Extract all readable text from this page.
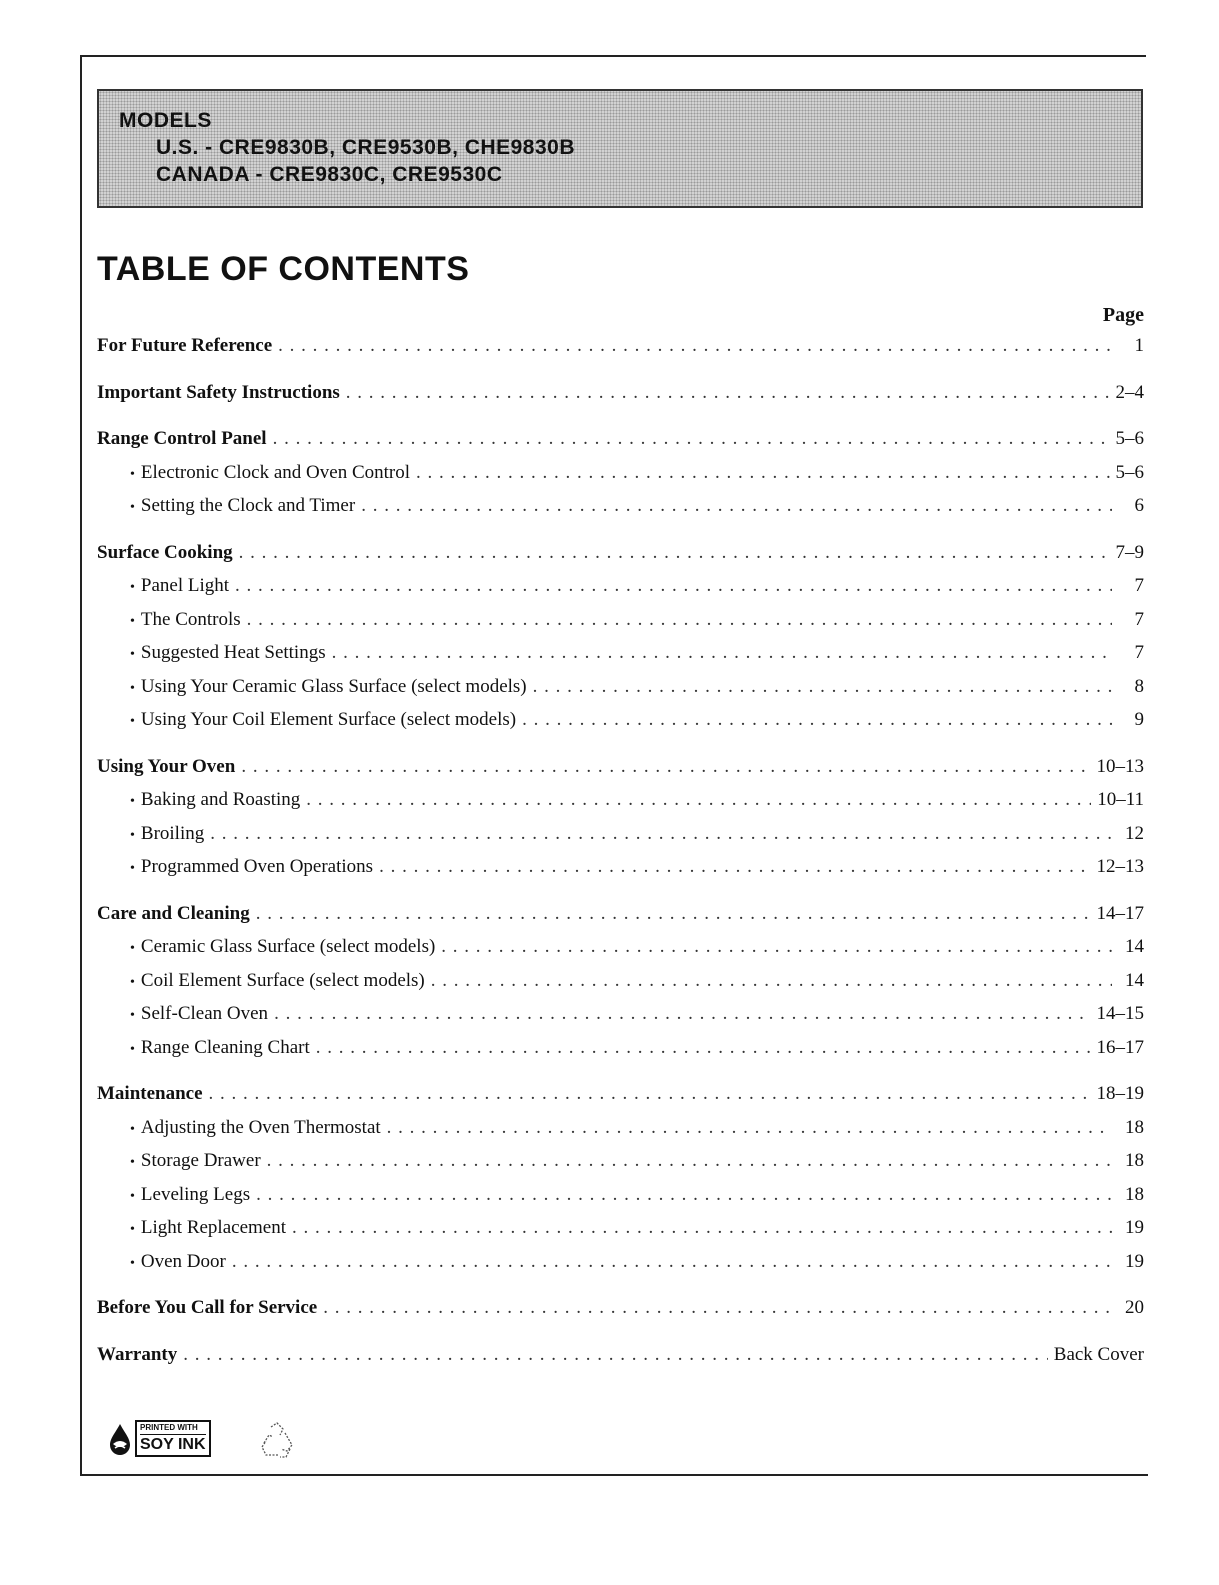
MODELS
U.S. - CRE9830B, CRE9530B, CHE9830B
CANADA - CRE9830C, CRE9530C
TABLE OF CONTENTS
Page
For Future Reference . . .	1
Important Safety Instructions . . .	2–4
Range Control Panel . . .	5–6
• Electronic Clock and Oven Control . . .	5–6
• Setting the Clock and Timer . . .	6
Surface Cooking . . .	7–9
• Panel Light . . .	7
• The Controls . . .	7
• Suggested Heat Settings . . .	7
• Using Your Ceramic Glass Surface (select models) . . .	8
• Using Your Coil Element Surface (select models) . . .	9
Using Your Oven . . .	10–13
• Baking and Roasting . . .	10–11
• Broiling . . .	12
• Programmed Oven Operations . . .	12–13
Care and Cleaning . . .	14–17
• Ceramic Glass Surface (select models) . . .	14
• Coil Element Surface (select models) . . .	14
• Self-Clean Oven . . .	14–15
• Range Cleaning Chart . . .	16–17
Maintenance . . .	18–19
• Adjusting the Oven Thermostat . . .	18
• Storage Drawer . . .	18
• Leveling Legs . . .	18
• Light Replacement . . .	19
• Oven Door . . .	19
Before You Call for Service . . .	20
Warranty . . .	Back Cover
PRINTED WITH
SOY INK
